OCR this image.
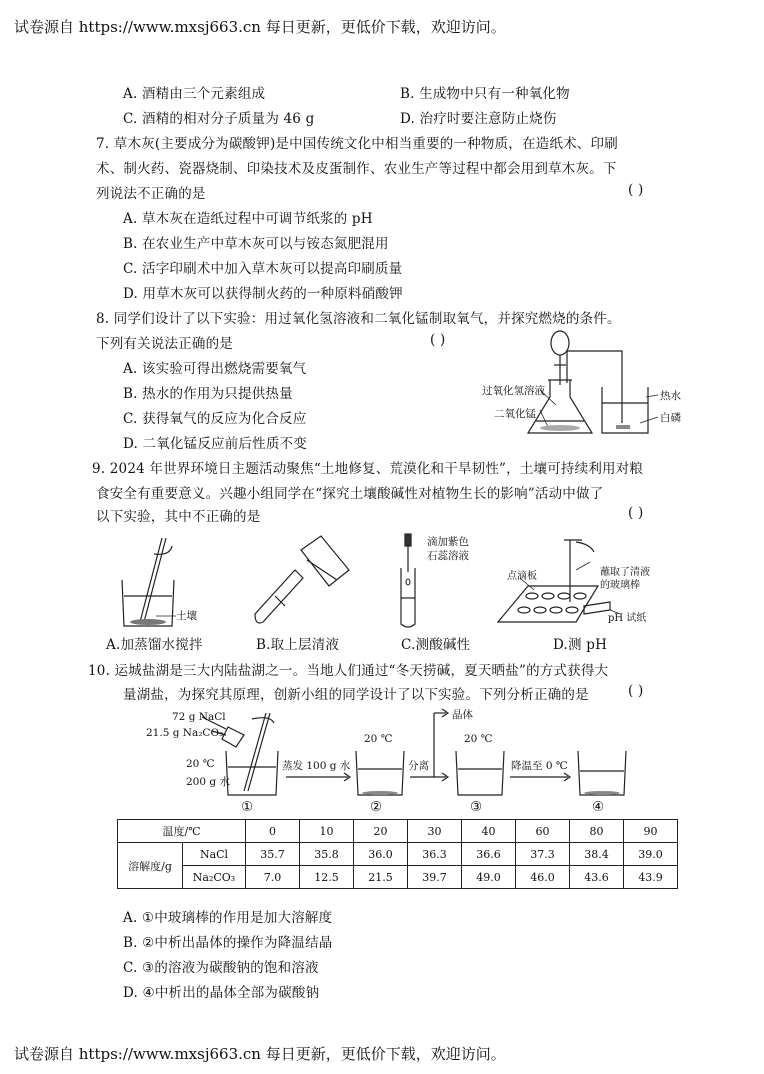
试卷源自 https://www.mxsj663.cn 每日更新，更低价下载，欢迎访问。
试卷源自 https://www.mxsj663.cn 每日更新，更低价下载，欢迎访问。
A. 酒精由三个元素组成	B. 生成物中只有一种氧化物
C. 酒精的相对分子质量为 46 g	D. 治疗时要注意防止烧伤
7. 草木灰(主要成分为碳酸钾)是中国传统文化中相当重要的一种物质，在造纸术、印刷
术、制火药、瓷器烧制、印染技术及皮蛋制作、农业生产等过程中都会用到草木灰。下
列说法不正确的是	( )
A. 草木灰在造纸过程中可调节纸浆的 pH
B. 在农业生产中草木灰可以与铵态氮肥混用
C. 活字印刷术中加入草木灰可以提高印刷质量
D. 用草木灰可以获得制火药的一种原料硝酸钾
8. 同学们设计了以下实验：用过氧化氢溶液和二氧化锰制取氧气，并探究燃烧的条件。
下列有关说法正确的是	( )
A. 该实验可得出燃烧需要氧气
B. 热水的作用为只提供热量
C. 获得氧气的反应为化合反应
D. 二氧化锰反应前后性质不变
过氧化氢溶液
二氧化锰
热水
白磷
9. 2024 年世界环境日主题活动聚焦“土地修复、荒漠化和干旱韧性”，土壤可持续利用对粮
食安全有重要意义。兴趣小组同学在“探究土壤酸碱性对植物生长的影响”活动中做了
以下实验，其中不正确的是	( )
土壤
滴加紫色
石蕊溶液
点滴板	蘸取了清液
的玻璃棒
pH 试纸
A.加蒸馏水搅拌	B.取上层清液	C.测酸碱性	D.测 pH
10. 运城盐湖是三大内陆盐湖之一。当地人们通过“冬天捞碱，夏天晒盐”的方式获得大
量湖盐，为探究其原理，创新小组的同学设计了以下实验。下列分析正确的是	( )
72 g NaCl
21.5 g Na₂CO₃
20 ℃
200 g 水
蒸发 100 g 水
20 ℃
分离
晶体
20 ℃
降温至 0 ℃
①	②	③	④
温度/℃		0	10	20	30	40	60	80	90
溶解度/g	NaCl	35.7	35.8	36.0	36.3	36.6	37.3	38.4	39.0
	Na₂CO₃	7.0	12.5	21.5	39.7	49.0	46.0	43.6	43.9
A. ①中玻璃棒的作用是加大溶解度
B. ②中析出晶体的操作为降温结晶
C. ③的溶液为碳酸钠的饱和溶液
D. ④中析出的晶体全部为碳酸钠
